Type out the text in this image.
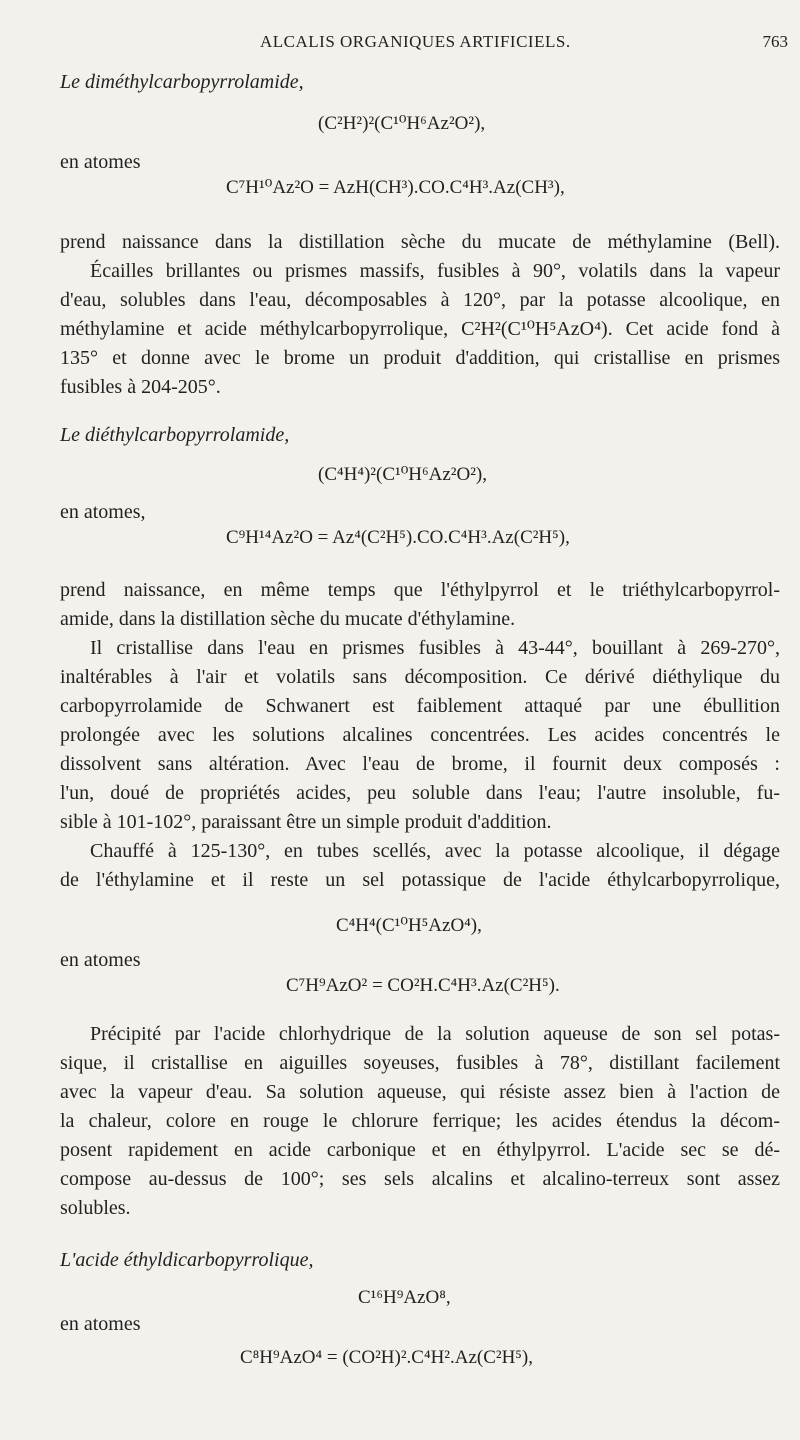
ALCALIS ORGANIQUES ARTIFICIELS.	763
Le diméthylcarbopyrrolamide,
(C²H²)²(C¹⁰H⁶Az²O²),
en atomes
C⁷H¹⁰Az²O = AzH(CH³).CO.C⁴H³.Az(CH³),
prend naissance dans la distillation sèche du mucate de méthylamine (Bell).
Écailles brillantes ou prismes massifs, fusibles à 90°, volatils dans la vapeur
d'eau, solubles dans l'eau, décomposables à 120°, par la potasse alcoolique, en
méthylamine et acide méthylcarbopyrrolique, C²H²(C¹⁰H⁵AzO⁴). Cet acide fond à
135° et donne avec le brome un produit d'addition, qui cristallise en prismes
fusibles à 204-205°.
Le diéthylcarbopyrrolamide,
(C⁴H⁴)²(C¹⁰H⁶Az²O²),
en atomes,
C⁹H¹⁴Az²O = Az⁴(C²H⁵).CO.C⁴H³.Az(C²H⁵),
prend naissance, en même temps que l'éthylpyrrol et le triéthylcarbopyrrol-
amide, dans la distillation sèche du mucate d'éthylamine.
Il cristallise dans l'eau en prismes fusibles à 43-44°, bouillant à 269-270°,
inaltérables à l'air et volatils sans décomposition. Ce dérivé diéthylique du
carbopyrrolamide de Schwanert est faiblement attaqué par une ébullition
prolongée avec les solutions alcalines concentrées. Les acides concentrés le
dissolvent sans altération. Avec l'eau de brome, il fournit deux composés :
l'un, doué de propriétés acides, peu soluble dans l'eau; l'autre insoluble, fu-
sible à 101-102°, paraissant être un simple produit d'addition.
Chauffé à 125-130°, en tubes scellés, avec la potasse alcoolique, il dégage
de l'éthylamine et il reste un sel potassique de l'acide éthylcarbopyrrolique,
C⁴H⁴(C¹⁰H⁵AzO⁴),
en atomes
C⁷H⁹AzO² = CO²H.C⁴H³.Az(C²H⁵).
Précipité par l'acide chlorhydrique de la solution aqueuse de son sel potas-
sique, il cristallise en aiguilles soyeuses, fusibles à 78°, distillant facilement
avec la vapeur d'eau. Sa solution aqueuse, qui résiste assez bien à l'action de
la chaleur, colore en rouge le chlorure ferrique; les acides étendus la décom-
posent rapidement en acide carbonique et en éthylpyrrol. L'acide sec se dé-
compose au-dessus de 100°; ses sels alcalins et alcalino-terreux sont assez
solubles.
L'acide éthyldicarbopyrrolique,
C¹⁶H⁹AzO⁸,
en atomes
C⁸H⁹AzO⁴ = (CO²H)².C⁴H².Az(C²H⁵),
